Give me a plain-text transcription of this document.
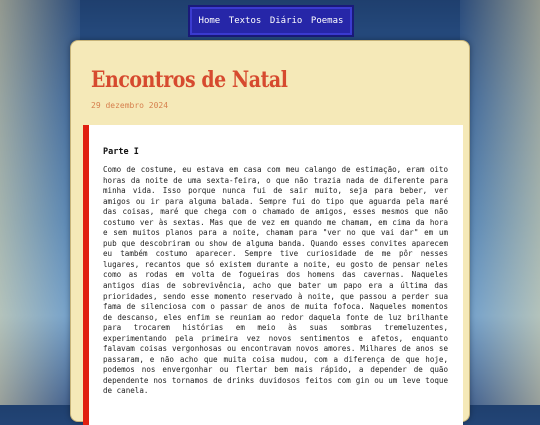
Home Textos Diário Poemas
Encontros de Natal
29 dezembro 2024
Parte I

Como de costume, eu estava em casa com meu calango de estimação, eram oito horas da noite de uma sexta-feira, o que não trazia nada de diferente para minha vida. Isso porque nunca fui de sair muito, seja para beber, ver amigos ou ir para alguma balada. Sempre fui do tipo que aguarda pela maré das coisas, maré que chega com o chamado de amigos, esses mesmos que não costumo ver às sextas. Mas que de vez em quando me chamam, em cima da hora e sem muitos planos para a noite, chamam para "ver no que vai dar" em um pub que descobriram ou show de alguma banda. Quando esses convites aparecem eu também costumo aparecer. Sempre tive curiosidade de me pôr nesses lugares, recantos que só existem durante a noite, eu gosto de pensar neles como as rodas em volta de fogueiras dos homens das cavernas. Naqueles antigos dias de sobrevivência, acho que bater um papo era a última das prioridades, sendo esse momento reservado à noite, que passou a perder sua fama de silenciosa com o passar de anos de muita fofoca. Naqueles momentos de descanso, eles enfim se reuniam ao redor daquela fonte de luz brilhante para trocarem histórias em meio às suas sombras tremeluzentes, experimentando pela primeira vez novos sentimentos e afetos, enquanto falavam coisas vergonhosas ou encontravam novos amores. Milhares de anos se passaram, e não acho que muita coisa mudou, com a diferença de que hoje, podemos nos envergonhar ou flertar bem mais rápido, a depender de quão dependente nos tornamos de drinks duvidosos feitos com gin ou um leve toque de canela.
